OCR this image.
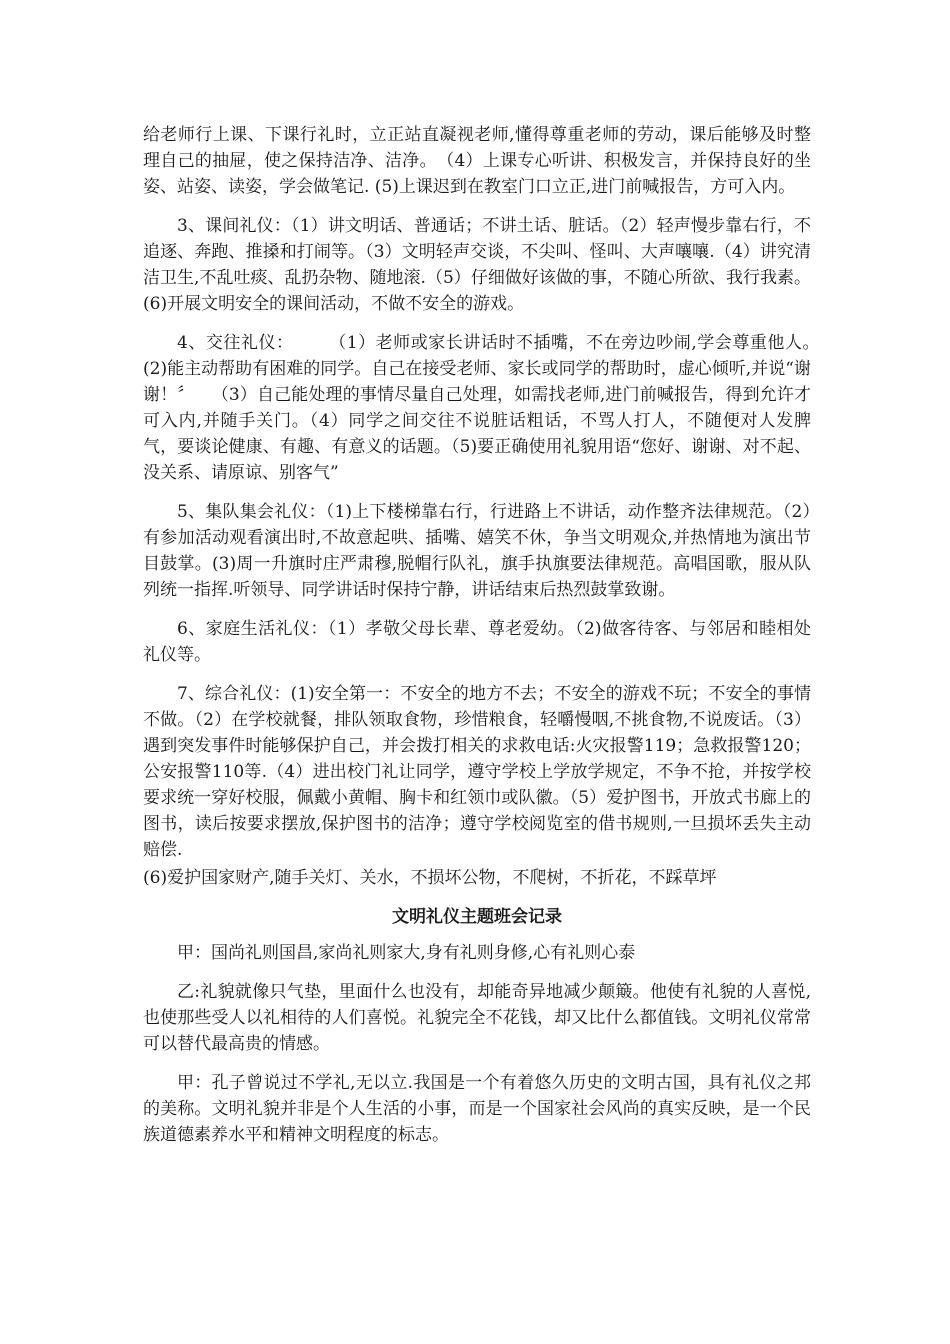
给老师行上课、下课行礼时，立正站直凝视老师,懂得尊重老师的劳动，课后能够及时整理自己的抽屉，使之保持洁净、洁净。　（4）上课专心听讲、积极发言，并保持良好的坐姿、站姿、读姿，学会做笔记. (5)上课迟到在教室门口立正,进门前喊报告，方可入内。

3、课间礼仪：（1）讲文明话、普通话；不讲土话、脏话。（2）轻声慢步靠右行，不追逐、奔跑、推搡和打闹等。（3）文明轻声交谈，不尖叫、怪叫、大声嚷嚷.（4）讲究清洁卫生,不乱吐痰、乱扔杂物、随地滚.（5）仔细做好该做的事，不随心所欲、我行我素。(6)开展文明安全的课间活动，不做不安全的游戏。

4、交往礼仪：　　　（1）老师或家长讲话时不插嘴，不在旁边吵闹,学会尊重他人。　　(2)能主动帮助有困难的同学。自己在接受老师、家长或同学的帮助时，虚心倾听,并说“谢谢！〞　　（3）自己能处理的事情尽量自己处理，如需找老师,进门前喊报告，得到允许才可入内,并随手关门。（4）同学之间交往不说脏话粗话，不骂人打人，不随便对人发脾气，要谈论健康、有趣、有意义的话题。（5)要正确使用礼貌用语“您好、谢谢、对不起、没关系、请原谅、别客气”

5、集队集会礼仪：（1)上下楼梯靠右行，行进路上不讲话，动作整齐法律规范。（2）有参加活动观看演出时,不故意起哄、插嘴、嬉笑不休，争当文明观众,并热情地为演出节目鼓掌。(3)周一升旗时庄严肃穆,脱帽行队礼，旗手执旗要法律规范。高唱国歌，服从队列统一指挥.听领导、同学讲话时保持宁静，讲话结束后热烈鼓掌致谢。

6、家庭生活礼仪：（1）孝敬父母长辈、尊老爱幼。（2)做客待客、与邻居和睦相处礼仪等。

7、综合礼仪：(1)安全第一：不安全的地方不去；不安全的游戏不玩；不安全的事情不做。（2）在学校就餐，排队领取食物，珍惜粮食，轻嚼慢咽,不挑食物,不说废话。（3）遇到突发事件时能够保护自己，并会拨打相关的求救电话:火灾报警119；急救报警120；公安报警110等.（4）进出校门礼让同学，遵守学校上学放学规定，不争不抢，并按学校要求统一穿好校服，佩戴小黄帽、胸卡和红领巾或队徽。（5）爱护图书，开放式书廊上的图书，读后按要求摆放,保护图书的洁净；遵守学校阅览室的借书规则,一旦损坏丢失主动赔偿.

(6)爱护国家财产,随手关灯、关水，不损坏公物，不爬树，不折花，不踩草坪

文明礼仪主题班会记录

甲：国尚礼则国昌,家尚礼则家大,身有礼则身修,心有礼则心泰

乙:礼貌就像只气垫，里面什么也没有，却能奇异地减少颠簸。他使有礼貌的人喜悦,也使那些受人以礼相待的人们喜悦。礼貌完全不花钱，却又比什么都值钱。文明礼仪常常可以替代最高贵的情感。

甲：孔子曾说过不学礼,无以立.我国是一个有着悠久历史的文明古国，具有礼仪之邦的美称。文明礼貌并非是个人生活的小事，而是一个国家社会风尚的真实反映，是一个民族道德素养水平和精神文明程度的标志。
